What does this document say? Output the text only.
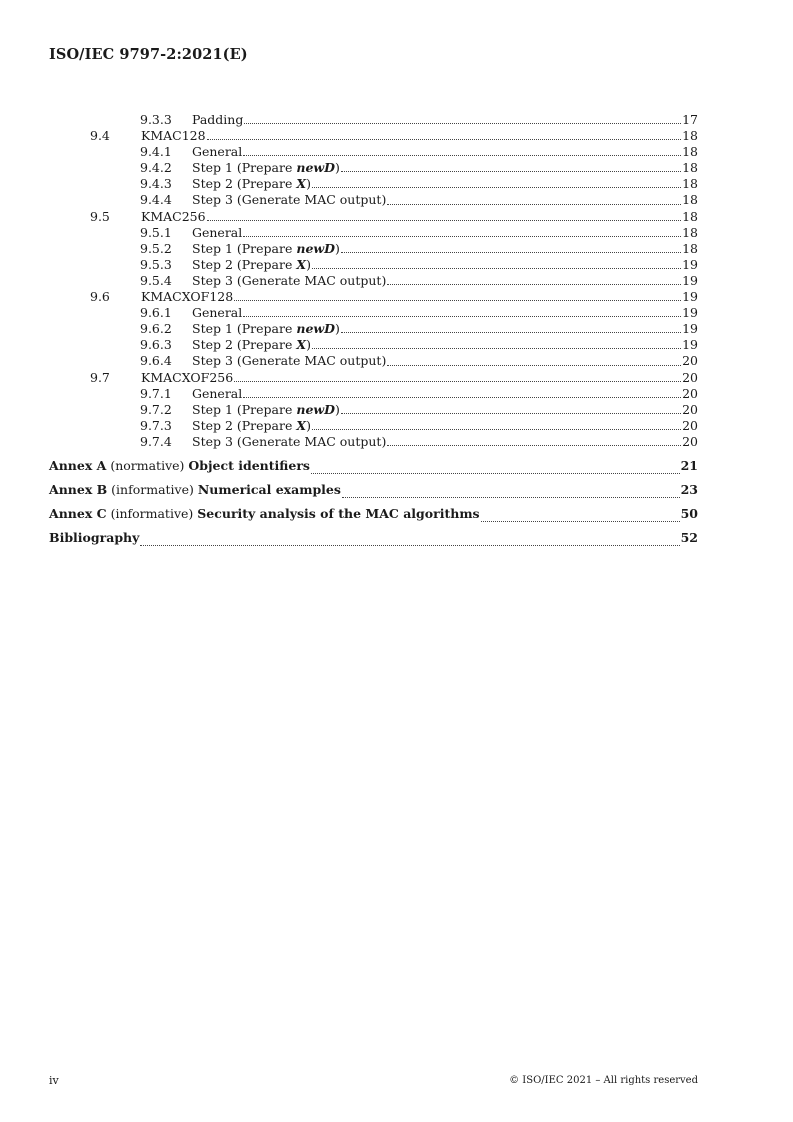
ISO/IEC 9797-2:2021(E)
9.3.3	Padding	17
9.4	KMAC128	18
9.4.1	General	18
9.4.2	Step 1 (Prepare newD)	18
9.4.3	Step 2 (Prepare X)	18
9.4.4	Step 3 (Generate MAC output)	18
9.5	KMAC256	18
9.5.1	General	18
9.5.2	Step 1 (Prepare newD)	18
9.5.3	Step 2 (Prepare X)	19
9.5.4	Step 3 (Generate MAC output)	19
9.6	KMACXOF128	19
9.6.1	General	19
9.6.2	Step 1 (Prepare newD)	19
9.6.3	Step 2 (Prepare X)	19
9.6.4	Step 3 (Generate MAC output)	20
9.7	KMACXOF256	20
9.7.1	General	20
9.7.2	Step 1 (Prepare newD)	20
9.7.3	Step 2 (Prepare X)	20
9.7.4	Step 3 (Generate MAC output)	20
Annex A (normative) Object identifiers	21
Annex B (informative) Numerical examples	23
Annex C (informative) Security analysis of the MAC algorithms	50
Bibliography	52
iv	© ISO/IEC 2021 – All rights reserved
